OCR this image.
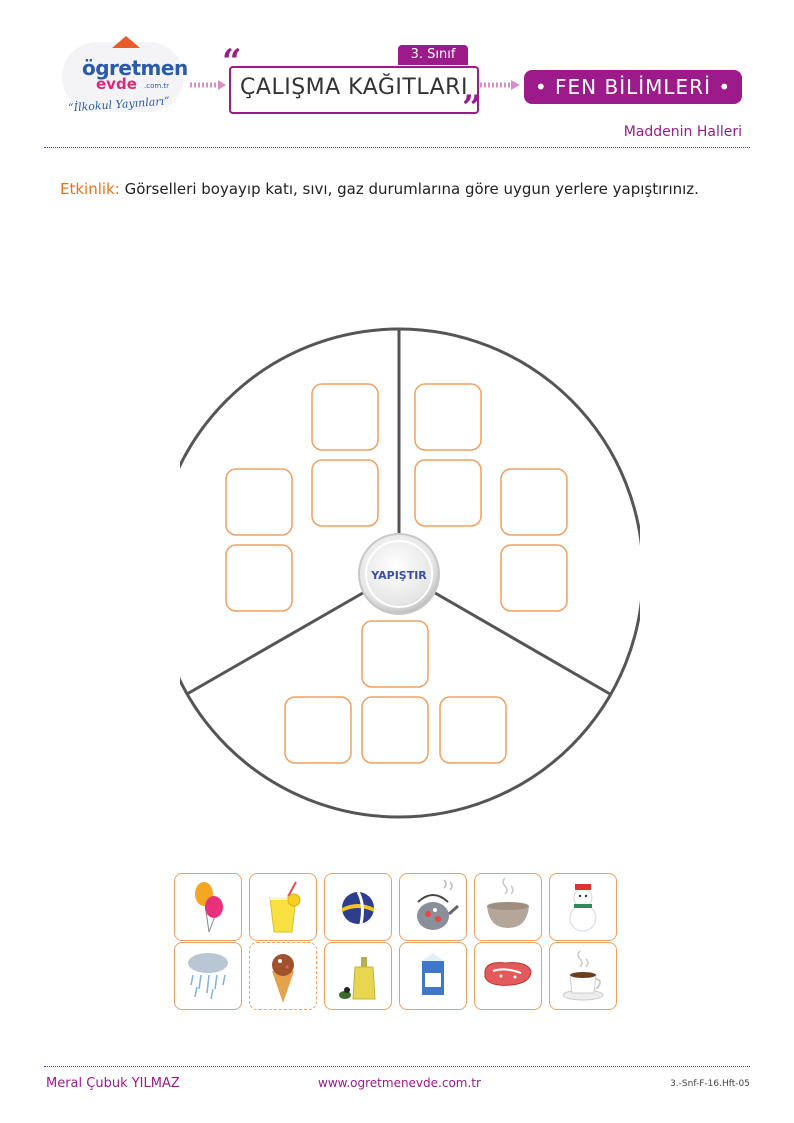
ögretmen
evde .com.tr
“İlkokul Yayınları”
“	3. Sınıf
ÇALIŞMA KAĞITLARI
”
• FEN BİLİMLERİ •
Maddenin Halleri
Etkinlik: Görselleri boyayıp katı, sıvı, gaz durumlarına göre uygun yerlere yapıştırınız.
YAPIŞTIR
Meral Çubuk YILMAZ	www.ogretmenevde.com.tr	3.-Snf-F-16.Hft-05
